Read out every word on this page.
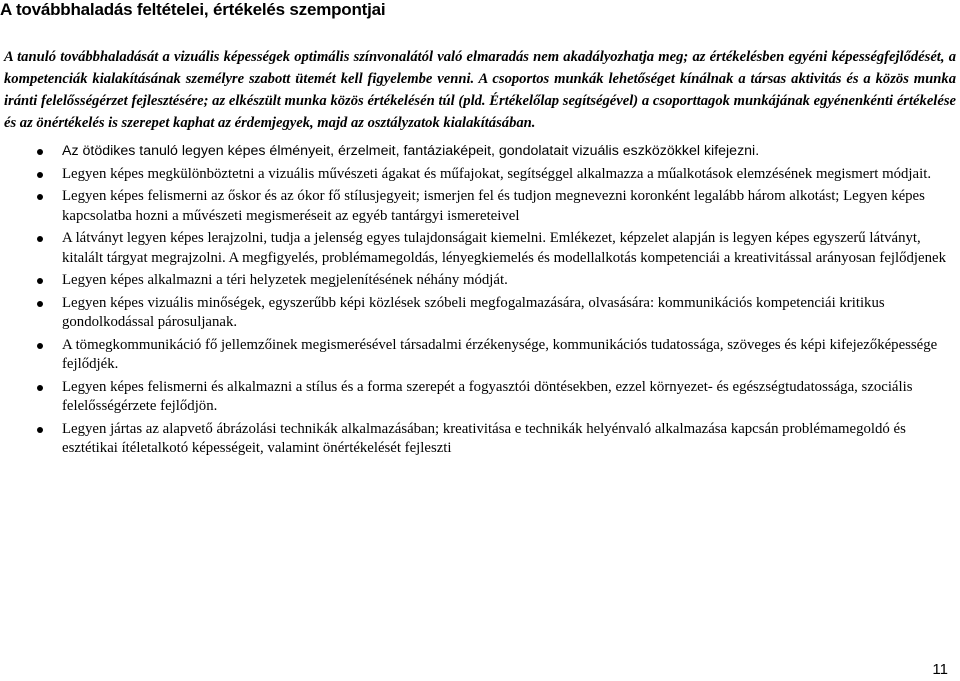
A továbbhaladás feltételei, értékelés szempontjai

A tanuló továbbhaladását a vizuális képességek optimális színvonalától való elmaradás nem akadályozhatja meg; az értékelésben egyéni képességfejlődését, a kompetenciák kialakításának személyre szabott ütemét kell figyelembe venni. A csoportos munkák lehetőséget kínálnak a társas aktivitás és a közös munka iránti felelősségérzet fejlesztésére; az elkészült munka közös értékelésén túl (pld. Értékelőlap segítségével) a csoporttagok munkájának egyénenkénti értékelése és az önértékelés is szerepet kaphat az érdemjegyek, majd az osztályzatok kialakításában.

Az ötödikes tanuló legyen képes élményeit, érzelmeit, fantáziaképeit, gondolatait vizuális eszközökkel kifejezni.
Legyen képes megkülönböztetni a vizuális művészeti ágakat és műfajokat, segítséggel alkalmazza a műalkotások elemzésének megismert módjait.
Legyen képes felismerni az őskor és az ókor fő stílusjegyeit; ismerjen fel és tudjon megnevezni koronként legalább három alkotást; Legyen képes kapcsolatba hozni a művészeti megismeréseit az egyéb tantárgyi ismereteivel
A látványt legyen képes lerajzolni, tudja a jelenség egyes tulajdonságait kiemelni. Emlékezet, képzelet alapján is legyen képes egyszerű látványt, kitalált tárgyat megrajzolni. A megfigyelés, problémamegoldás, lényegkiemelés és modellalkotás kompetenciái a kreativitással arányosan fejlődjenek
Legyen képes alkalmazni a téri helyzetek megjelenítésének néhány módját.
Legyen képes vizuális minőségek, egyszerűbb képi közlések szóbeli megfogalmazására, olvasására: kommunikációs kompetenciái kritikus gondolkodással párosuljanak.
A tömegkommunikáció fő jellemzőinek megismerésével társadalmi érzékenysége, kommunikációs tudatossága, szöveges és képi kifejezőképessége fejlődjék.
Legyen képes felismerni és alkalmazni a stílus és a forma szerepét a fogyasztói döntésekben, ezzel környezet- és egészségtudatossága, szociális felelősségérzete fejlődjön.
Legyen jártas az alapvető ábrázolási technikák alkalmazásában; kreativitása e technikák helyénvaló alkalmazása kapcsán problémamegoldó és esztétikai ítéletalkotó képességeit, valamint önértékelését fejleszti
11
